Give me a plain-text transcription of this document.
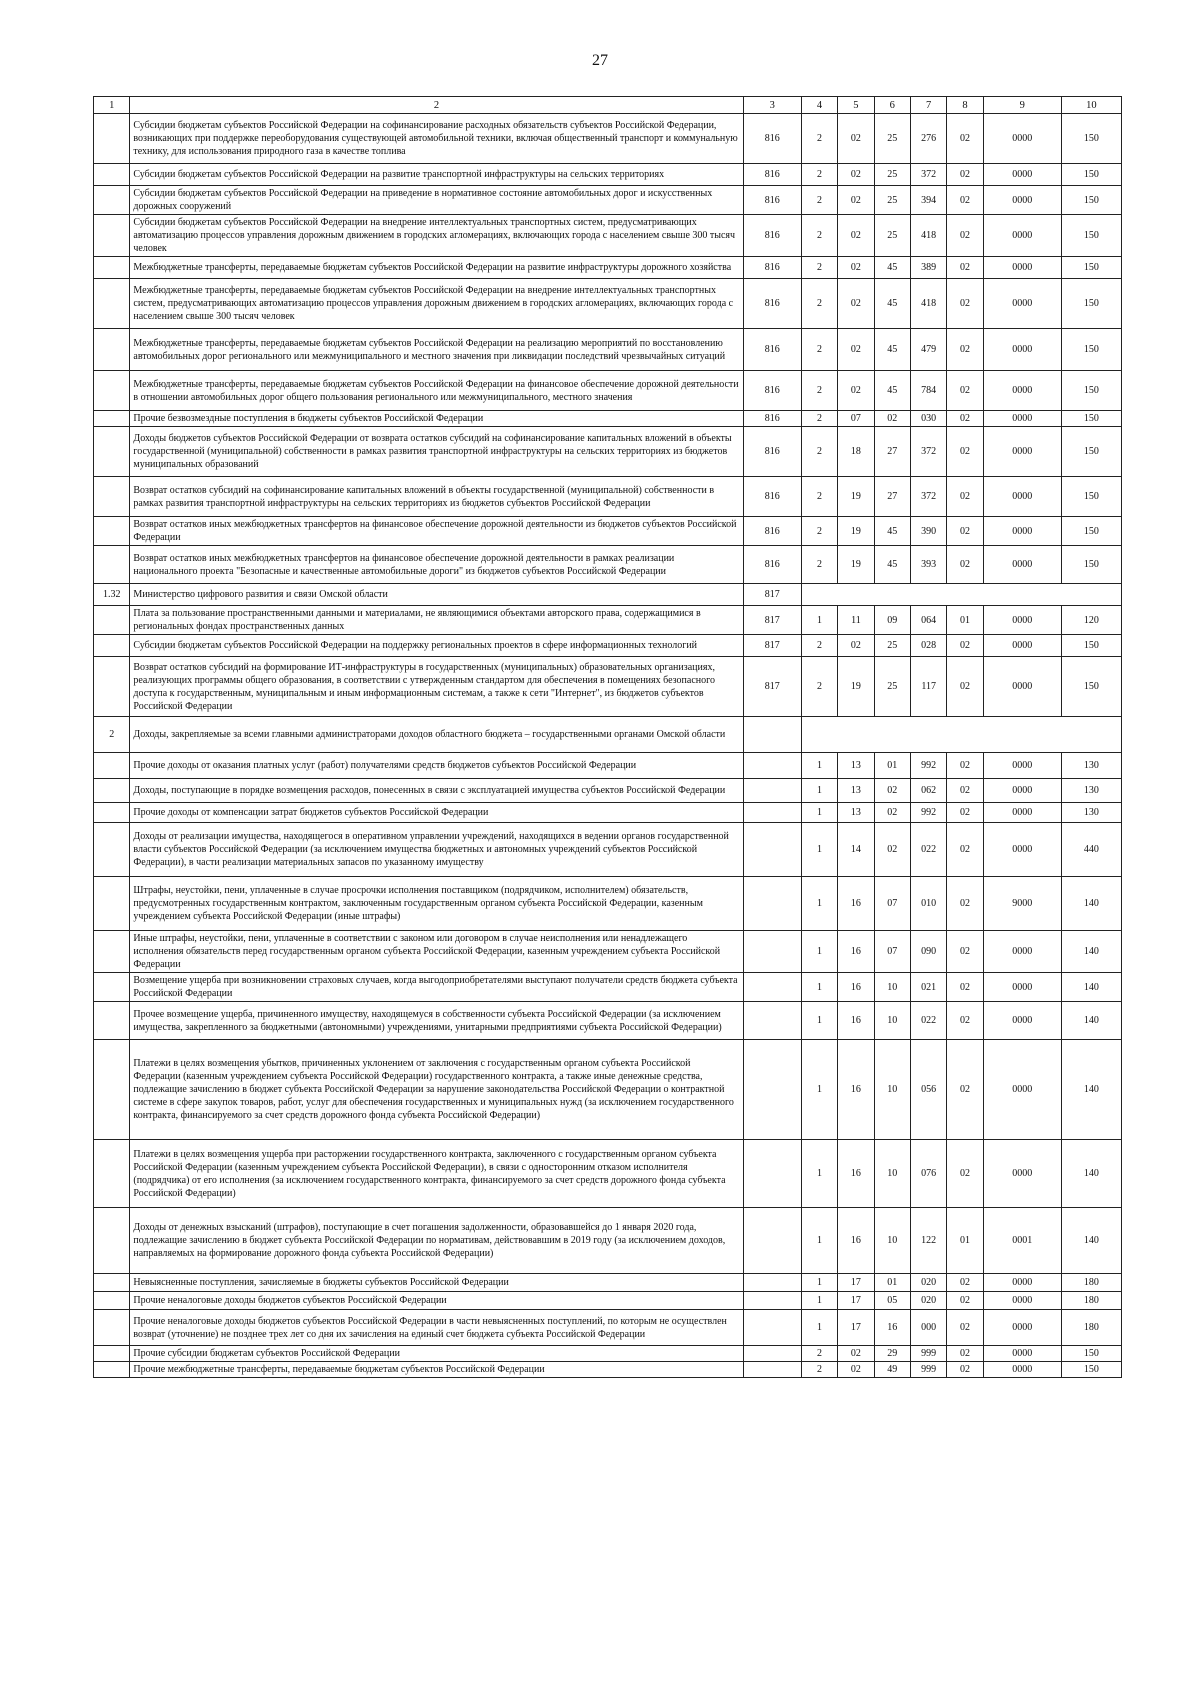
27
1	2	3	4	5	6	7	8	9	10
	Субсидии бюджетам субъектов Российской Федерации на софинансирование расходных обязательств субъектов Российской Федерации, возникающих при поддержке переоборудования существующей автомобильной техники, включая общественный транспорт и коммунальную технику, для использования природного газа в качестве топлива	816	2	02	25	276	02	0000	150
	Субсидии бюджетам субъектов Российской Федерации на развитие транспортной инфраструктуры на сельских территориях	816	2	02	25	372	02	0000	150
	Субсидии бюджетам субъектов Российской Федерации на приведение в нормативное состояние автомобильных дорог и искусственных дорожных сооружений	816	2	02	25	394	02	0000	150
	Субсидии бюджетам субъектов Российской Федерации на внедрение интеллектуальных транспортных систем, предусматривающих автоматизацию процессов управления дорожным движением в городских агломерациях, включающих города с населением свыше 300 тысяч человек	816	2	02	25	418	02	0000	150
	Межбюджетные трансферты, передаваемые бюджетам субъектов Российской Федерации на развитие инфраструктуры дорожного хозяйства	816	2	02	45	389	02	0000	150
	Межбюджетные трансферты, передаваемые бюджетам субъектов Российской Федерации на внедрение интеллектуальных транспортных систем, предусматривающих автоматизацию процессов управления дорожным движением в городских агломерациях, включающих города с населением свыше 300 тысяч человек	816	2	02	45	418	02	0000	150
	Межбюджетные трансферты, передаваемые бюджетам субъектов Российской Федерации на реализацию мероприятий по восстановлению автомобильных дорог регионального или межмуниципального и местного значения при ликвидации последствий чрезвычайных ситуаций	816	2	02	45	479	02	0000	150
	Межбюджетные трансферты, передаваемые бюджетам субъектов Российской Федерации на финансовое обеспечение дорожной деятельности в отношении автомобильных дорог общего пользования регионального или межмуниципального, местного значения	816	2	02	45	784	02	0000	150
	Прочие безвозмездные поступления в бюджеты субъектов Российской Федерации	816	2	07	02	030	02	0000	150
	Доходы бюджетов субъектов Российской Федерации от возврата остатков субсидий на софинансирование капитальных вложений в объекты государственной (муниципальной) собственности в рамках развития транспортной инфраструктуры на сельских территориях из бюджетов муниципальных образований	816	2	18	27	372	02	0000	150
	Возврат остатков субсидий на софинансирование капитальных вложений в объекты государственной (муниципальной) собственности в рамках развития транспортной инфраструктуры на сельских территориях из бюджетов субъектов Российской Федерации	816	2	19	27	372	02	0000	150
	Возврат остатков иных межбюджетных трансфертов на финансовое обеспечение дорожной деятельности из бюджетов субъектов Российской Федерации	816	2	19	45	390	02	0000	150
	Возврат остатков иных межбюджетных трансфертов на финансовое обеспечение дорожной деятельности в рамках реализации национального проекта "Безопасные и качественные автомобильные дороги" из бюджетов субъектов Российской Федерации	816	2	19	45	393	02	0000	150
1.32	Министерство цифрового развития и связи Омской области	817							
	Плата за пользование пространственными данными и материалами, не являющимися объектами авторского права, содержащимися в региональных фондах пространственных данных	817	1	11	09	064	01	0000	120
	Субсидии бюджетам субъектов Российской Федерации на поддержку региональных проектов в сфере информационных технологий	817	2	02	25	028	02	0000	150
	Возврат остатков субсидий на формирование ИТ-инфраструктуры в государственных (муниципальных) образовательных организациях, реализующих программы общего образования, в соответствии с утвержденным стандартом для обеспечения в помещениях безопасного доступа к государственным, муниципальным и иным информационным системам, а также к сети "Интернет", из бюджетов субъектов Российской Федерации	817	2	19	25	117	02	0000	150
2	Доходы, закрепляемые за всеми главными администраторами доходов областного бюджета – государственными органами Омской области								
	Прочие доходы от оказания платных услуг (работ) получателями средств бюджетов субъектов Российской Федерации		1	13	01	992	02	0000	130
	Доходы, поступающие в порядке возмещения расходов, понесенных в связи с эксплуатацией имущества субъектов Российской Федерации		1	13	02	062	02	0000	130
	Прочие доходы от компенсации затрат бюджетов субъектов Российской Федерации		1	13	02	992	02	0000	130
	Доходы от реализации имущества, находящегося в оперативном управлении учреждений, находящихся в ведении органов государственной власти субъектов Российской Федерации (за исключением имущества бюджетных и автономных учреждений субъектов Российской Федерации), в части реализации материальных запасов по указанному имуществу		1	14	02	022	02	0000	440
	Штрафы, неустойки, пени, уплаченные в случае просрочки исполнения поставщиком (подрядчиком, исполнителем) обязательств, предусмотренных государственным контрактом, заключенным государственным органом субъекта Российской Федерации, казенным учреждением субъекта Российской Федерации (иные штрафы)		1	16	07	010	02	9000	140
	Иные штрафы, неустойки, пени, уплаченные в соответствии с законом или договором в случае неисполнения или ненадлежащего исполнения обязательств перед государственным органом субъекта Российской Федерации, казенным учреждением субъекта Российской Федерации		1	16	07	090	02	0000	140
	Возмещение ущерба при возникновении страховых случаев, когда выгодоприобретателями выступают получатели средств бюджета субъекта Российской Федерации		1	16	10	021	02	0000	140
	Прочее возмещение ущерба, причиненного имуществу, находящемуся в собственности субъекта Российской Федерации (за исключением имущества, закрепленного за бюджетными (автономными) учреждениями, унитарными предприятиями субъекта Российской Федерации)		1	16	10	022	02	0000	140
	Платежи в целях возмещения убытков, причиненных уклонением от заключения с государственным органом субъекта Российской Федерации (казенным учреждением субъекта Российской Федерации) государственного контракта, а также иные денежные средства, подлежащие зачислению в бюджет субъекта Российской Федерации за нарушение законодательства Российской Федерации о контрактной системе в сфере закупок товаров, работ, услуг для обеспечения государственных и муниципальных нужд (за исключением государственного контракта, финансируемого за счет средств дорожного фонда субъекта Российской Федерации)		1	16	10	056	02	0000	140
	Платежи в целях возмещения ущерба при расторжении государственного контракта, заключенного с государственным органом субъекта Российской Федерации (казенным учреждением субъекта Российской Федерации), в связи с односторонним отказом исполнителя (подрядчика) от его исполнения (за исключением государственного контракта, финансируемого за счет средств дорожного фонда субъекта Российской Федерации)		1	16	10	076	02	0000	140
	Доходы от денежных взысканий (штрафов), поступающие в счет погашения задолженности, образовавшейся до 1 января 2020 года, подлежащие зачислению в бюджет субъекта Российской Федерации по нормативам, действовавшим в 2019 году (за исключением доходов, направляемых на формирование дорожного фонда субъекта Российской Федерации)		1	16	10	122	01	0001	140
	Невыясненные поступления, зачисляемые в бюджеты субъектов Российской Федерации		1	17	01	020	02	0000	180
	Прочие неналоговые доходы бюджетов субъектов Российской Федерации		1	17	05	020	02	0000	180
	Прочие неналоговые доходы бюджетов субъектов Российской Федерации в части невыясненных поступлений, по которым не осуществлен возврат (уточнение) не позднее трех лет со дня их зачисления на единый счет бюджета субъекта Российской Федерации		1	17	16	000	02	0000	180
	Прочие субсидии бюджетам субъектов Российской Федерации		2	02	29	999	02	0000	150
	Прочие межбюджетные трансферты, передаваемые бюджетам субъектов Российской Федерации		2	02	49	999	02	0000	150
